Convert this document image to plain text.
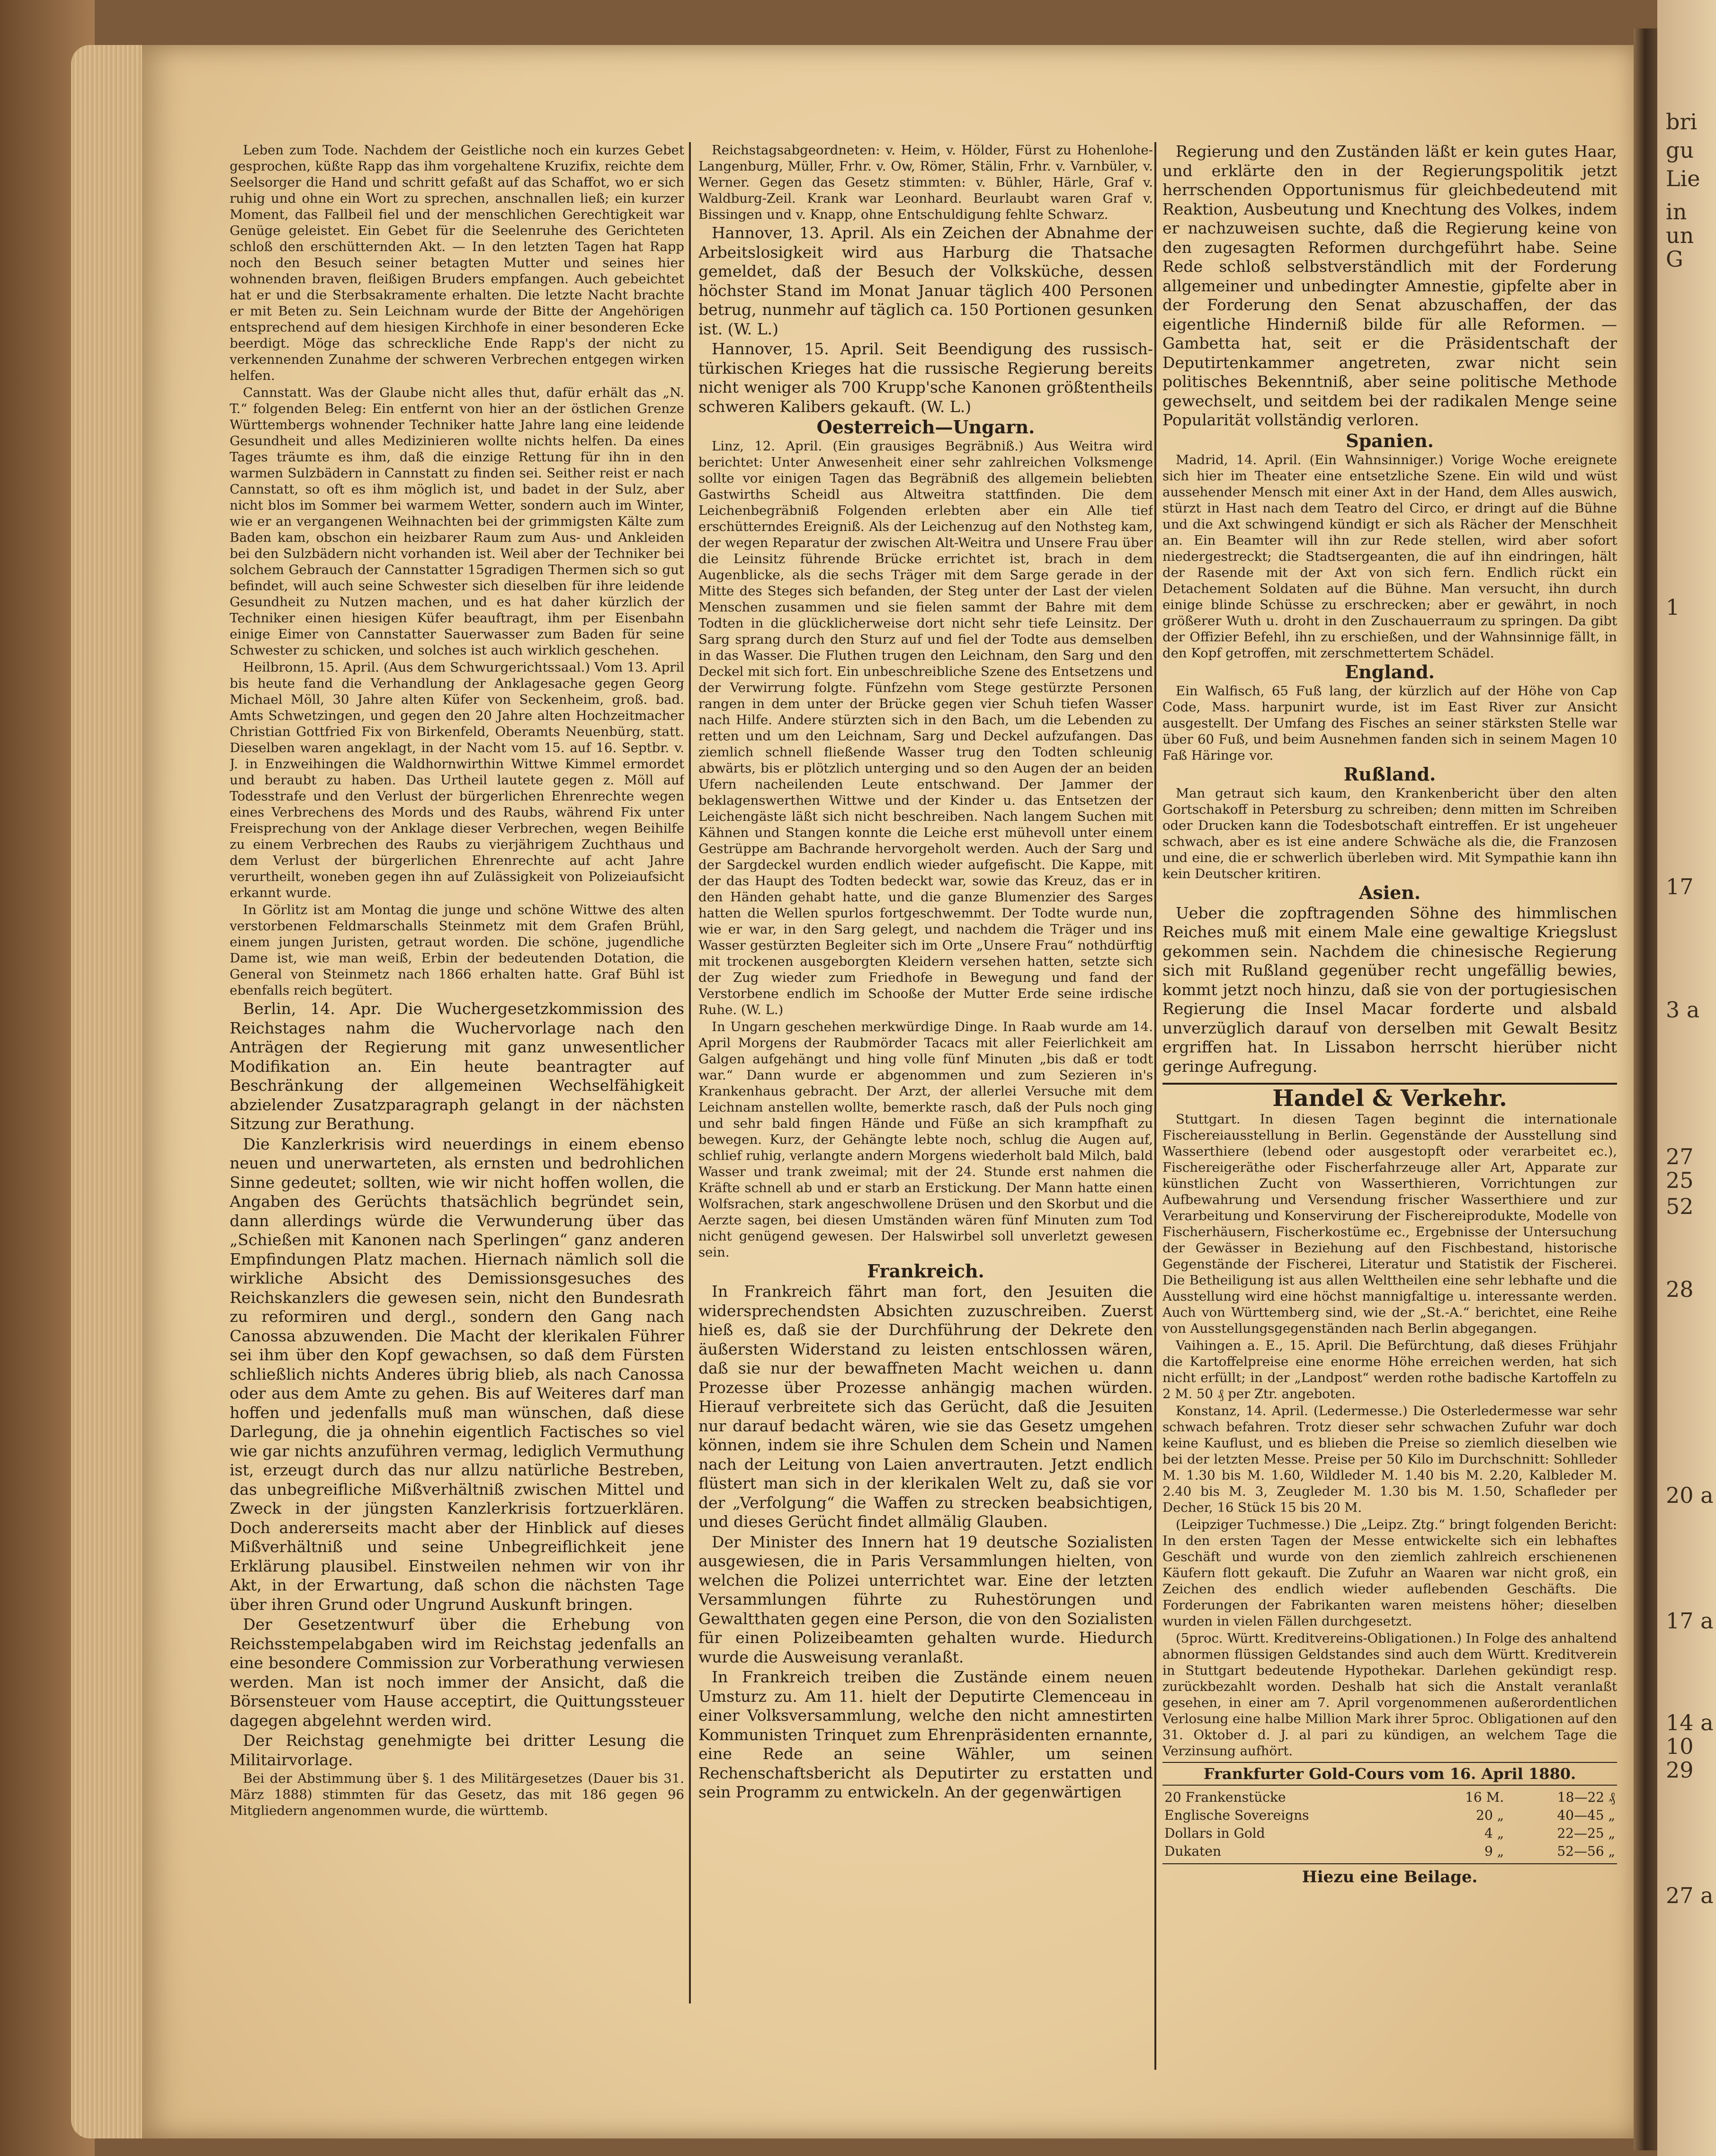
bri
gu
Lie
in
un
G
1
17
3 a
27
25
52
28
20 a
17 a
14 a
10
29
27 a

Leben zum Tode. Nachdem der Geistliche noch ein kurzes Gebet gesprochen, küßte Rapp das ihm vorgehaltene Kruzifix, reichte dem Seelsorger die Hand und schritt gefaßt auf das Schaffot, wo er sich ruhig und ohne ein Wort zu sprechen, anschnallen ließ; ein kurzer Moment, das Fallbeil fiel und der menschlichen Gerechtigkeit war Genüge geleistet. Ein Gebet für die Seelenruhe des Gerichteten schloß den erschütternden Akt. — In den letzten Tagen hat Rapp noch den Besuch seiner betagten Mutter und seines hier wohnenden braven, fleißigen Bruders empfangen. Auch gebeichtet hat er und die Sterbsakramente erhalten. Die letzte Nacht brachte er mit Beten zu. Sein Leichnam wurde der Bitte der Angehörigen entsprechend auf dem hiesigen Kirchhofe in einer besonderen Ecke beerdigt. Möge das schreckliche Ende Rapp's der nicht zu verkennenden Zunahme der schweren Verbrechen entgegen wirken helfen.

Cannstatt. Was der Glaube nicht alles thut, dafür erhält das „N. T.“ folgenden Beleg: Ein entfernt von hier an der östlichen Grenze Württembergs wohnender Techniker hatte Jahre lang eine leidende Gesundheit und alles Medizinieren wollte nichts helfen. Da eines Tages träumte es ihm, daß die einzige Rettung für ihn in den warmen Sulzbädern in Cannstatt zu finden sei. Seither reist er nach Cannstatt, so oft es ihm möglich ist, und badet in der Sulz, aber nicht blos im Sommer bei warmem Wetter, sondern auch im Winter, wie er an vergangenen Weihnachten bei der grimmigsten Kälte zum Baden kam, obschon ein heizbarer Raum zum Aus- und Ankleiden bei den Sulzbädern nicht vorhanden ist. Weil aber der Techniker bei solchem Gebrauch der Cannstatter 15gradigen Thermen sich so gut befindet, will auch seine Schwester sich dieselben für ihre leidende Gesundheit zu Nutzen machen, und es hat daher kürzlich der Techniker einen hiesigen Küfer beauftragt, ihm per Eisenbahn einige Eimer von Cannstatter Sauerwasser zum Baden für seine Schwester zu schicken, und solches ist auch wirklich geschehen.

Heilbronn, 15. April. (Aus dem Schwurgerichtssaal.) Vom 13. April bis heute fand die Verhandlung der Anklagesache gegen Georg Michael Möll, 30 Jahre alten Küfer von Seckenheim, groß. bad. Amts Schwetzingen, und gegen den 20 Jahre alten Hochzeitmacher Christian Gottfried Fix von Birkenfeld, Oberamts Neuenbürg, statt. Dieselben waren angeklagt, in der Nacht vom 15. auf 16. Septbr. v. J. in Enzweihingen die Waldhornwirthin Wittwe Kimmel ermordet und beraubt zu haben. Das Urtheil lautete gegen z. Möll auf Todesstrafe und den Verlust der bürgerlichen Ehrenrechte wegen eines Verbrechens des Mords und des Raubs, während Fix unter Freisprechung von der Anklage dieser Verbrechen, wegen Beihilfe zu einem Verbrechen des Raubs zu vierjährigem Zuchthaus und dem Verlust der bürgerlichen Ehrenrechte auf acht Jahre verurtheilt, woneben gegen ihn auf Zulässigkeit von Polizeiaufsicht erkannt wurde.

In Görlitz ist am Montag die junge und schöne Wittwe des alten verstorbenen Feldmarschalls Steinmetz mit dem Grafen Brühl, einem jungen Juristen, getraut worden. Die schöne, jugendliche Dame ist, wie man weiß, Erbin der bedeutenden Dotation, die General von Steinmetz nach 1866 erhalten hatte. Graf Bühl ist ebenfalls reich begütert.

Berlin, 14. Apr. Die Wuchergesetzkommission des Reichstages nahm die Wuchervorlage nach den Anträgen der Regierung mit ganz unwesentlicher Modifikation an. Ein heute beantragter auf Beschränkung der allgemeinen Wechselfähigkeit abzielender Zusatzparagraph gelangt in der nächsten Sitzung zur Berathung.

Die Kanzlerkrisis wird neuerdings in einem ebenso neuen und unerwarteten, als ernsten und bedrohlichen Sinne gedeutet; sollten, wie wir nicht hoffen wollen, die Angaben des Gerüchts thatsächlich begründet sein, dann allerdings würde die Verwunderung über das „Schießen mit Kanonen nach Sperlingen“ ganz anderen Empfindungen Platz machen. Hiernach nämlich soll die wirkliche Absicht des Demissionsgesuches des Reichskanzlers die gewesen sein, nicht den Bundesrath zu reformiren und dergl., sondern den Gang nach Canossa abzuwenden. Die Macht der klerikalen Führer sei ihm über den Kopf gewachsen, so daß dem Fürsten schließlich nichts Anderes übrig blieb, als nach Canossa oder aus dem Amte zu gehen. Bis auf Weiteres darf man hoffen und jedenfalls muß man wünschen, daß diese Darlegung, die ja ohnehin eigentlich Factisches so viel wie gar nichts anzuführen vermag, lediglich Vermuthung ist, erzeugt durch das nur allzu natürliche Bestreben, das unbegreifliche Mißverhältniß zwischen Mittel und Zweck in der jüngsten Kanzlerkrisis fortzuerklären. Doch andererseits macht aber der Hinblick auf dieses Mißverhältniß und seine Unbegreiflichkeit jene Erklärung plausibel. Einstweilen nehmen wir von ihr Akt, in der Erwartung, daß schon die nächsten Tage über ihren Grund oder Ungrund Auskunft bringen.

Der Gesetzentwurf über die Erhebung von Reichsstempelabgaben wird im Reichstag jedenfalls an eine besondere Commission zur Vorberathung verwiesen werden. Man ist noch immer der Ansicht, daß die Börsensteuer vom Hause acceptirt, die Quittungssteuer dagegen abgelehnt werden wird.

Der Reichstag genehmigte bei dritter Lesung die Militairvorlage.

Bei der Abstimmung über §. 1 des Militärgesetzes (Dauer bis 31. März 1888) stimmten für das Gesetz, das mit 186 gegen 96 Mitgliedern angenommen wurde, die württemb.

Reichstagsabgeordneten: v. Heim, v. Hölder, Fürst zu Hohenlohe-Langenburg, Müller, Frhr. v. Ow, Römer, Stälin, Frhr. v. Varnbüler, v. Werner. Gegen das Gesetz stimmten: v. Bühler, Härle, Graf v. Waldburg-Zeil. Krank war Leonhard. Beurlaubt waren Graf v. Bissingen und v. Knapp, ohne Entschuldigung fehlte Schwarz.

Hannover, 13. April. Als ein Zeichen der Abnahme der Arbeitslosigkeit wird aus Harburg die Thatsache gemeldet, daß der Besuch der Volksküche, dessen höchster Stand im Monat Januar täglich 400 Personen betrug, nunmehr auf täglich ca. 150 Portionen gesunken ist. (W. L.)

Hannover, 15. April. Seit Beendigung des russisch-türkischen Krieges hat die russische Regierung bereits nicht weniger als 700 Krupp'sche Kanonen größtentheils schweren Kalibers gekauft. (W. L.)

Oesterreich—Ungarn.

Linz, 12. April. (Ein grausiges Begräbniß.) Aus Weitra wird berichtet: Unter Anwesenheit einer sehr zahlreichen Volksmenge sollte vor einigen Tagen das Begräbniß des allgemein beliebten Gastwirths Scheidl aus Altweitra stattfinden. Die dem Leichenbegräbniß Folgenden erlebten aber ein Alle tief erschütterndes Ereigniß. Als der Leichenzug auf den Nothsteg kam, der wegen Reparatur der zwischen Alt-Weitra und Unsere Frau über die Leinsitz führende Brücke errichtet ist, brach in dem Augenblicke, als die sechs Träger mit dem Sarge gerade in der Mitte des Steges sich befanden, der Steg unter der Last der vielen Menschen zusammen und sie fielen sammt der Bahre mit dem Todten in die glücklicherweise dort nicht sehr tiefe Leinsitz. Der Sarg sprang durch den Sturz auf und fiel der Todte aus demselben in das Wasser. Die Fluthen trugen den Leichnam, den Sarg und den Deckel mit sich fort. Ein unbeschreibliche Szene des Entsetzens und der Verwirrung folgte. Fünfzehn vom Stege gestürzte Personen rangen in dem unter der Brücke gegen vier Schuh tiefen Wasser nach Hilfe. Andere stürzten sich in den Bach, um die Lebenden zu retten und um den Leichnam, Sarg und Deckel aufzufangen. Das ziemlich schnell fließende Wasser trug den Todten schleunig abwärts, bis er plötzlich unterging und so den Augen der an beiden Ufern nacheilenden Leute entschwand. Der Jammer der beklagenswerthen Wittwe und der Kinder u. das Entsetzen der Leichengäste läßt sich nicht beschreiben. Nach langem Suchen mit Kähnen und Stangen konnte die Leiche erst mühevoll unter einem Gestrüppe am Bachrande hervorgeholt werden. Auch der Sarg und der Sargdeckel wurden endlich wieder aufgefischt. Die Kappe, mit der das Haupt des Todten bedeckt war, sowie das Kreuz, das er in den Händen gehabt hatte, und die ganze Blumenzier des Sarges hatten die Wellen spurlos fortgeschwemmt. Der Todte wurde nun, wie er war, in den Sarg gelegt, und nachdem die Träger und ins Wasser gestürzten Begleiter sich im Orte „Unsere Frau“ nothdürftig mit trockenen ausgeborgten Kleidern versehen hatten, setzte sich der Zug wieder zum Friedhofe in Bewegung und fand der Verstorbene endlich im Schooße der Mutter Erde seine irdische Ruhe. (W. L.)

In Ungarn geschehen merkwürdige Dinge. In Raab wurde am 14. April Morgens der Raubmörder Tacacs mit aller Feierlichkeit am Galgen aufgehängt und hing volle fünf Minuten „bis daß er todt war.“ Dann wurde er abgenommen und zum Sezieren in's Krankenhaus gebracht. Der Arzt, der allerlei Versuche mit dem Leichnam anstellen wollte, bemerkte rasch, daß der Puls noch ging und sehr bald fingen Hände und Füße an sich krampfhaft zu bewegen. Kurz, der Gehängte lebte noch, schlug die Augen auf, schlief ruhig, verlangte andern Morgens wiederholt bald Milch, bald Wasser und trank zweimal; mit der 24. Stunde erst nahmen die Kräfte schnell ab und er starb an Erstickung. Der Mann hatte einen Wolfsrachen, stark angeschwollene Drüsen und den Skorbut und die Aerzte sagen, bei diesen Umständen wären fünf Minuten zum Tod nicht genügend gewesen. Der Halswirbel soll unverletzt gewesen sein.

Frankreich.

In Frankreich fährt man fort, den Jesuiten die widersprechendsten Absichten zuzuschreiben. Zuerst hieß es, daß sie der Durchführung der Dekrete den äußersten Widerstand zu leisten entschlossen wären, daß sie nur der bewaffneten Macht weichen u. dann Prozesse über Prozesse anhängig machen würden. Hierauf verbreitete sich das Gerücht, daß die Jesuiten nur darauf bedacht wären, wie sie das Gesetz umgehen können, indem sie ihre Schulen dem Schein und Namen nach der Leitung von Laien anvertrauten. Jetzt endlich flüstert man sich in der klerikalen Welt zu, daß sie vor der „Verfolgung“ die Waffen zu strecken beabsichtigen, und dieses Gerücht findet allmälig Glauben.

Der Minister des Innern hat 19 deutsche Sozialisten ausgewiesen, die in Paris Versammlungen hielten, von welchen die Polizei unterrichtet war. Eine der letzten Versammlungen führte zu Ruhestörungen und Gewaltthaten gegen eine Person, die von den Sozialisten für einen Polizeibeamten gehalten wurde. Hiedurch wurde die Ausweisung veranlaßt.

In Frankreich treiben die Zustände einem neuen Umsturz zu. Am 11. hielt der Deputirte Clemenceau in einer Volksversammlung, welche den nicht amnestirten Kommunisten Trinquet zum Ehrenpräsidenten ernannte, eine Rede an seine Wähler, um seinen Rechenschaftsbericht als Deputirter zu erstatten und sein Programm zu entwickeln. An der gegenwärtigen

Regierung und den Zuständen läßt er kein gutes Haar, und erklärte den in der Regierungspolitik jetzt herrschenden Opportunismus für gleichbedeutend mit Reaktion, Ausbeutung und Knechtung des Volkes, indem er nachzuweisen suchte, daß die Regierung keine von den zugesagten Reformen durchgeführt habe. Seine Rede schloß selbstverständlich mit der Forderung allgemeiner und unbedingter Amnestie, gipfelte aber in der Forderung den Senat abzuschaffen, der das eigentliche Hinderniß bilde für alle Reformen. — Gambetta hat, seit er die Präsidentschaft der Deputirtenkammer angetreten, zwar nicht sein politisches Bekenntniß, aber seine politische Methode gewechselt, und seitdem bei der radikalen Menge seine Popularität vollständig verloren.

Spanien.

Madrid, 14. April. (Ein Wahnsinniger.) Vorige Woche ereignete sich hier im Theater eine entsetzliche Szene. Ein wild und wüst aussehender Mensch mit einer Axt in der Hand, dem Alles auswich, stürzt in Hast nach dem Teatro del Circo, er dringt auf die Bühne und die Axt schwingend kündigt er sich als Rächer der Menschheit an. Ein Beamter will ihn zur Rede stellen, wird aber sofort niedergestreckt; die Stadtsergeanten, die auf ihn eindringen, hält der Rasende mit der Axt von sich fern. Endlich rückt ein Detachement Soldaten auf die Bühne. Man versucht, ihn durch einige blinde Schüsse zu erschrecken; aber er gewährt, in noch größerer Wuth u. droht in den Zuschauerraum zu springen. Da gibt der Offizier Befehl, ihn zu erschießen, und der Wahnsinnige fällt, in den Kopf getroffen, mit zerschmettertem Schädel.

England.

Ein Walfisch, 65 Fuß lang, der kürzlich auf der Höhe von Cap Code, Mass. harpunirt wurde, ist im East River zur Ansicht ausgestellt. Der Umfang des Fisches an seiner stärksten Stelle war über 60 Fuß, und beim Ausnehmen fanden sich in seinem Magen 10 Faß Häringe vor.

Rußland.

Man getraut sich kaum, den Krankenbericht über den alten Gortschakoff in Petersburg zu schreiben; denn mitten im Schreiben oder Drucken kann die Todesbotschaft eintreffen. Er ist ungeheuer schwach, aber es ist eine andere Schwäche als die, die Franzosen und eine, die er schwerlich überleben wird. Mit Sympathie kann ihn kein Deutscher kritiren.

Asien.

Ueber die zopftragenden Söhne des himmlischen Reiches muß mit einem Male eine gewaltige Kriegslust gekommen sein. Nachdem die chinesische Regierung sich mit Rußland gegenüber recht ungefällig bewies, kommt jetzt noch hinzu, daß sie von der portugiesischen Regierung die Insel Macar forderte und alsbald unverzüglich darauf von derselben mit Gewalt Besitz ergriffen hat. In Lissabon herrscht hierüber nicht geringe Aufregung.

Handel & Verkehr.

Stuttgart. In diesen Tagen beginnt die internationale Fischereiausstellung in Berlin. Gegenstände der Ausstellung sind Wasserthiere (lebend oder ausgestopft oder verarbeitet ec.), Fischereigeräthe oder Fischerfahrzeuge aller Art, Apparate zur künstlichen Zucht von Wasserthieren, Vorrichtungen zur Aufbewahrung und Versendung frischer Wasserthiere und zur Verarbeitung und Konservirung der Fischereiprodukte, Modelle von Fischerhäusern, Fischerkostüme ec., Ergebnisse der Untersuchung der Gewässer in Beziehung auf den Fischbestand, historische Gegenstände der Fischerei, Literatur und Statistik der Fischerei. Die Betheiligung ist aus allen Welttheilen eine sehr lebhafte und die Ausstellung wird eine höchst mannigfaltige u. interessante werden. Auch von Württemberg sind, wie der „St.-A.“ berichtet, eine Reihe von Ausstellungsgegenständen nach Berlin abgegangen.

Vaihingen a. E., 15. April. Die Befürchtung, daß dieses Frühjahr die Kartoffelpreise eine enorme Höhe erreichen werden, hat sich nicht erfüllt; in der „Landpost“ werden rothe badische Kartoffeln zu 2 M. 50 ₰ per Ztr. angeboten.

Konstanz, 14. April. (Ledermesse.) Die Osterledermesse war sehr schwach befahren. Trotz dieser sehr schwachen Zufuhr war doch keine Kauflust, und es blieben die Preise so ziemlich dieselben wie bei der letzten Messe. Preise per 50 Kilo im Durchschnitt: Sohlleder M. 1.30 bis M. 1.60, Wildleder M. 1.40 bis M. 2.20, Kalbleder M. 2.40 bis M. 3, Zeugleder M. 1.30 bis M. 1.50, Schafleder per Decher, 16 Stück 15 bis 20 M.

(Leipziger Tuchmesse.) Die „Leipz. Ztg.“ bringt folgenden Bericht: In den ersten Tagen der Messe entwickelte sich ein lebhaftes Geschäft und wurde von den ziemlich zahlreich erschienenen Käufern flott gekauft. Die Zufuhr an Waaren war nicht groß, ein Zeichen des endlich wieder auflebenden Geschäfts. Die Forderungen der Fabrikanten waren meistens höher; dieselben wurden in vielen Fällen durchgesetzt.

(5proc. Württ. Kreditvereins-Obligationen.) In Folge des anhaltend abnormen flüssigen Geldstandes sind auch dem Württ. Kreditverein in Stuttgart bedeutende Hypothekar. Darlehen gekündigt resp. zurückbezahlt worden. Deshalb hat sich die Anstalt veranlaßt gesehen, in einer am 7. April vorgenommenen außerordentlichen Verlosung eine halbe Million Mark ihrer 5proc. Obligationen auf den 31. Oktober d. J. al pari zu kündigen, an welchem Tage die Verzinsung aufhört.

Frankfurter Gold-Cours vom 16. April 1880.
20 Frankenstücke	16 M.	18—22 ₰
Englische Sovereigns	20 „	40—45 „
Dollars in Gold	4 „	22—25 „
Dukaten	9 „	52—56 „
Hiezu eine Beilage.
